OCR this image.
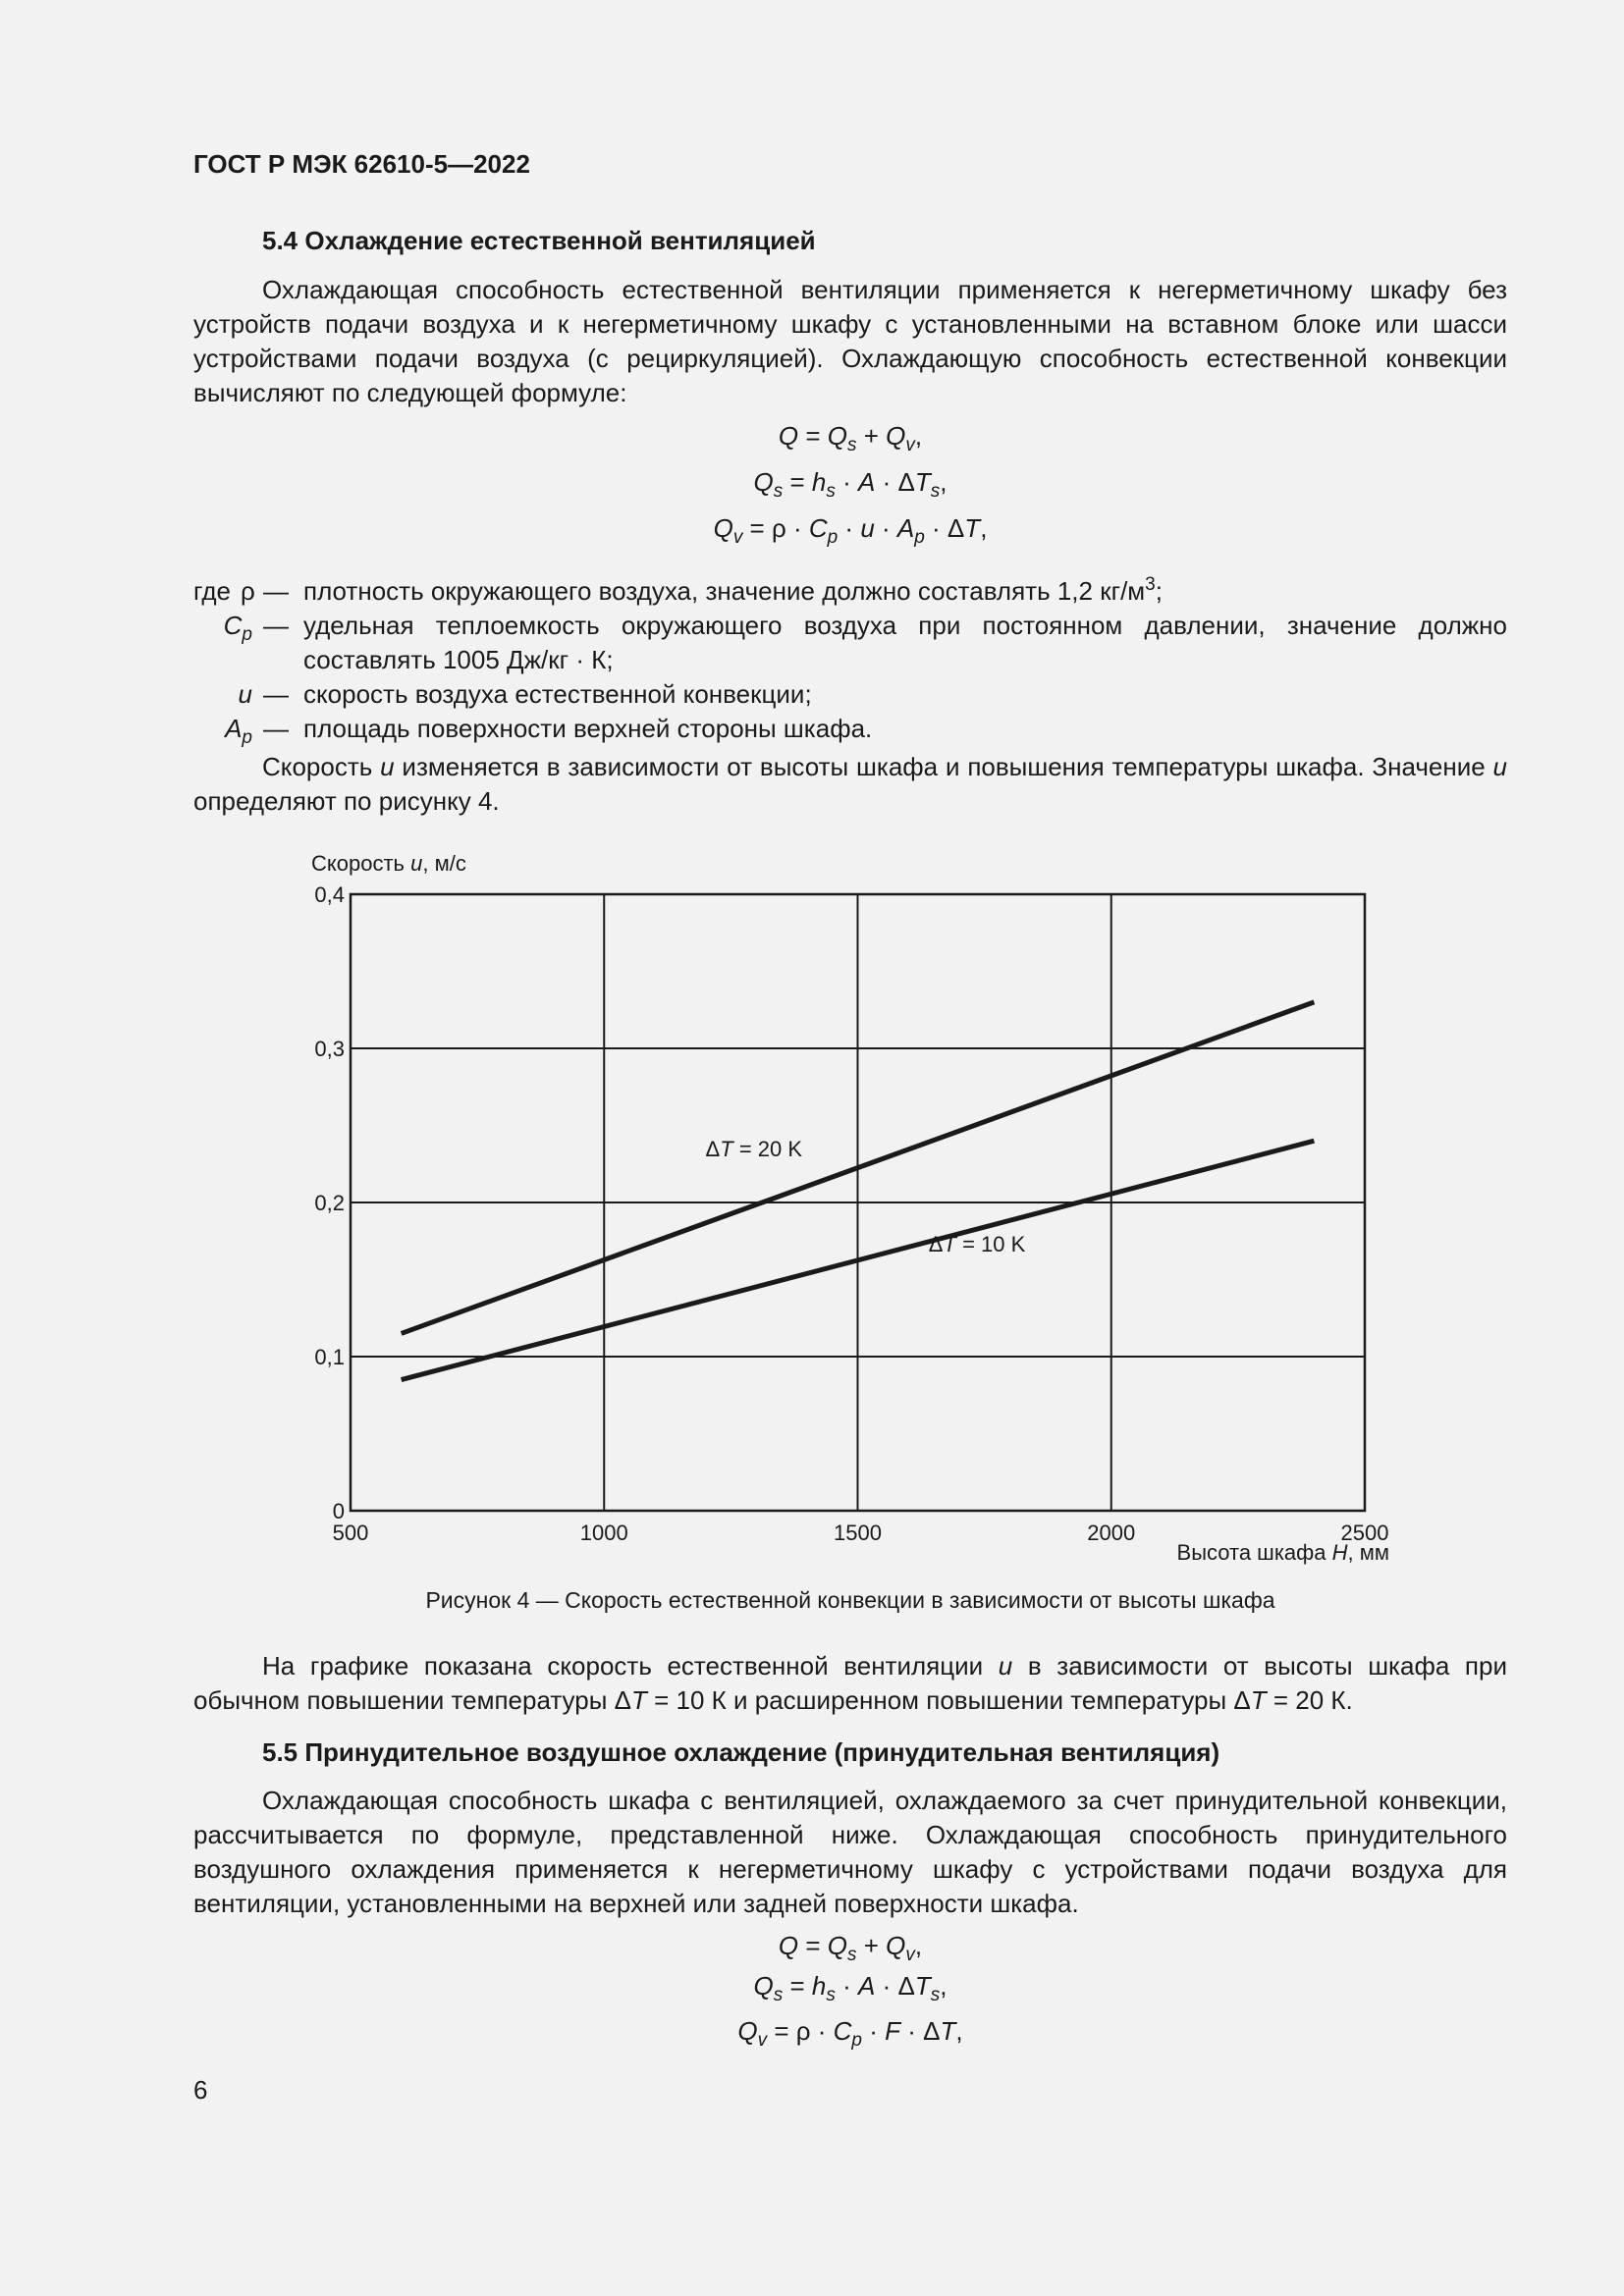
ГОСТ Р МЭК 62610-5—2022
5.4 Охлаждение естественной вентиляцией
Охлаждающая способность естественной вентиляции применяется к негерметичному шкафу без устройств подачи воздуха и к негерметичному шкафу с установленными на вставном блоке или шасси устройствами подачи воздуха (с рециркуляцией). Охлаждающую способность естественной конвекции вычисляют по следующей формуле:
$Q = Q_s + Q_v$,
$Q_s = h_s \cdot A \cdot \Delta T_s$,
$Q_v = \rho \cdot C_p \cdot u \cdot A_p \cdot \Delta T$,
где ρ — плотность окружающего воздуха, значение должно составлять 1,2 $кг/м^3$;
$C_p$ — удельная теплоемкость окружающего воздуха при постоянном давлении, значение должно составлять 1005 Дж/кг · К;
u — скорость воздуха естественной конвекции;
$A_p$ — площадь поверхности верхней стороны шкафа.
Скорость u изменяется в зависимости от высоты шкафа и повышения температуры шкафа. Значение u определяют по рисунку 4.
Скорость u, м/с
0
0,1
0,2
0,3
0,4
500	1000	1500	2000	2500
ΔT = 20 K
ΔT = 10 K
Высота шкафа H, мм
Рисунок 4 — Скорость естественной конвекции в зависимости от высоты шкафа
На графике показана скорость естественной вентиляции u в зависимости от высоты шкафа при обычном повышении температуры ΔT = 10 К и расширенном повышении температуры ΔT = 20 К.
5.5 Принудительное воздушное охлаждение (принудительная вентиляция)
Охлаждающая способность шкафа с вентиляцией, охлаждаемого за счет принудительной конвекции, рассчитывается по формуле, представленной ниже. Охлаждающая способность принудительного воздушного охлаждения применяется к негерметичному шкафу с устройствами подачи воздуха для вентиляции, установленными на верхней или задней поверхности шкафа.
$Q = Q_s + Q_v$,
$Q_s = h_s \cdot A \cdot \Delta T_s$,
$Q_v = \rho \cdot C_p \cdot F \cdot \Delta T$,
6
